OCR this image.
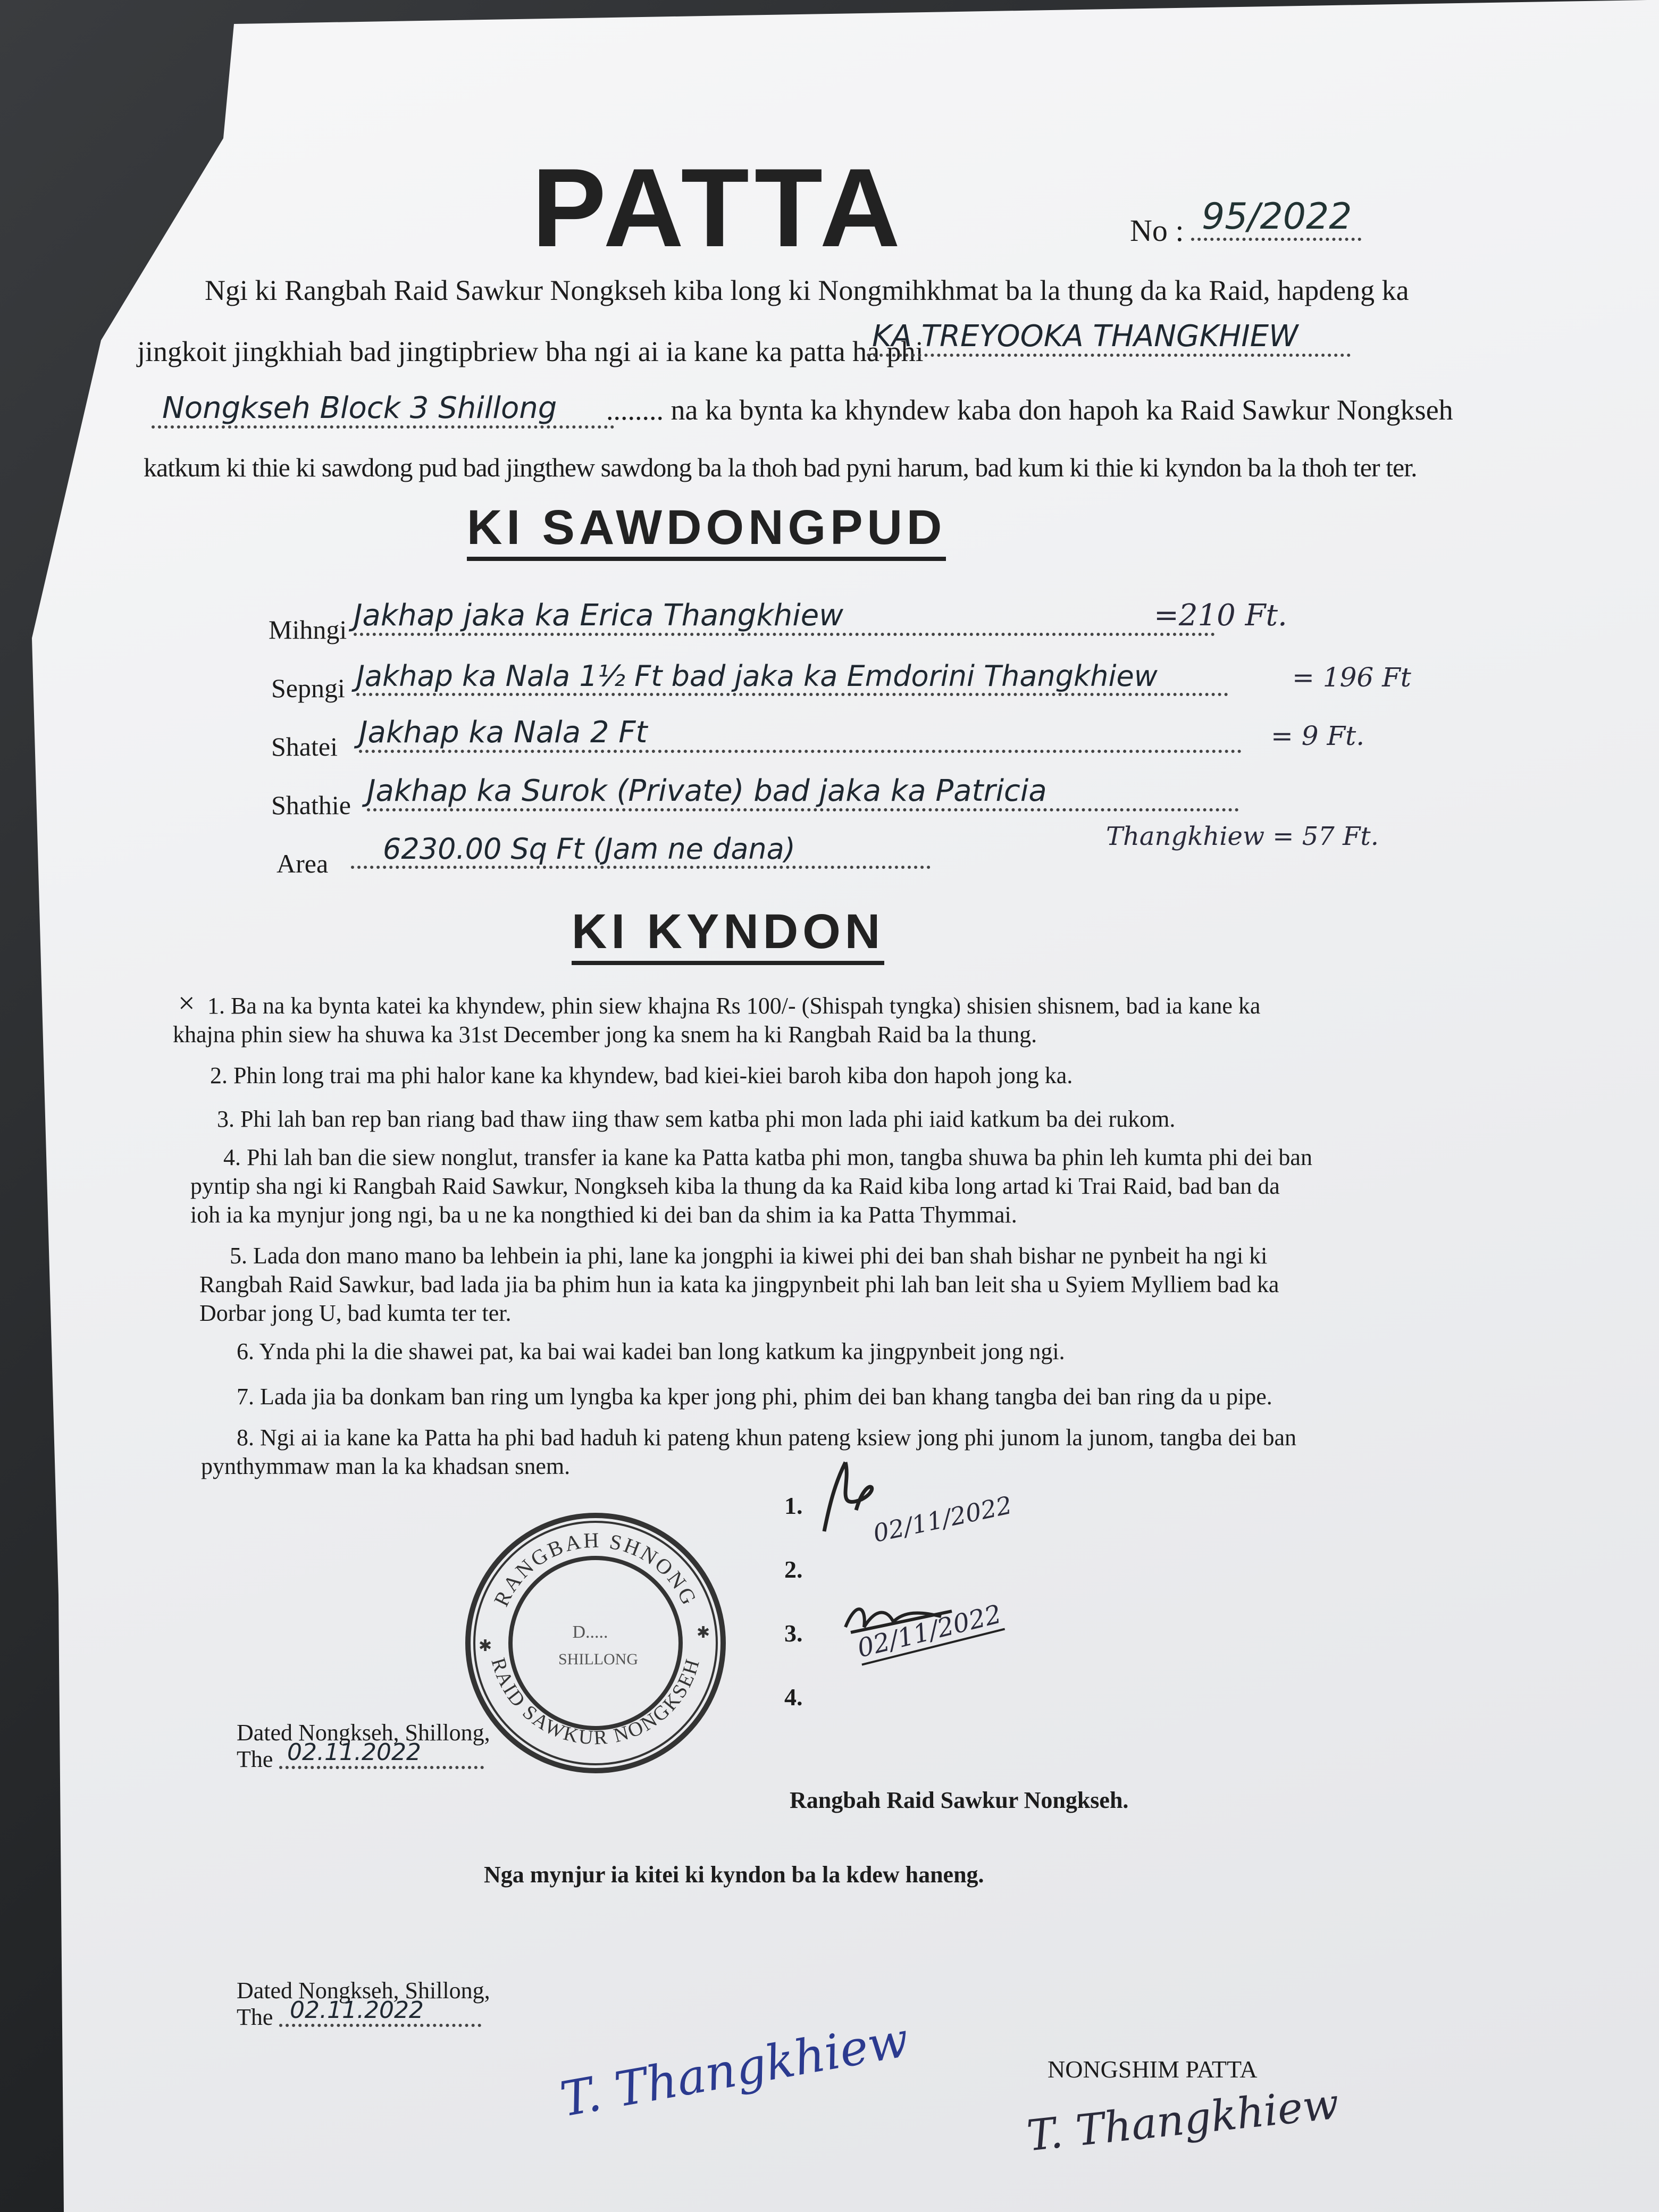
PATTA	No : 95/2022
Ngi ki Rangbah Raid Sawkur Nongkseh kiba long ki Nongmihkhmat ba la thung da ka Raid, hapdeng ka
jingkoit jingkhiah bad jingtipbriew bha ngi ai ia kane ka patta ha phi
KA TREYOOKA THANGKHIEW
Nongkseh Block 3 Shillong	........ na ka bynta ka khyndew kaba don hapoh ka Raid Sawkur Nongkseh
katkum ki thie ki sawdong pud bad jingthew sawdong ba la thoh bad pyni harum, bad kum ki thie ki kyndon ba la thoh ter ter.
KI SAWDONGPUD
Mihngi Jakhap jaka ka Erica Thangkhiew	=210 Ft.
Sepngi Jakhap ka Nala 1½ Ft bad jaka ka Emdorini Thangkhiew	= 196 Ft
Shatei Jakhap ka Nala 2 Ft	= 9 Ft.
Shathie Jakhap ka Surok (Private) bad jaka ka Patricia
Thangkhiew = 57 Ft.
Area	6230.00 Sq Ft (Jam ne dana)
KI KYNDON
× 1. Ba na ka bynta katei ka khyndew, phin siew khajna Rs 100/- (Shispah tyngka) shisien shisnem, bad ia kane ka
khajna phin siew ha shuwa ka 31st December jong ka snem ha ki Rangbah Raid ba la thung.
2. Phin long trai ma phi halor kane ka khyndew, bad kiei-kiei baroh kiba don hapoh jong ka.
3. Phi lah ban rep ban riang bad thaw iing thaw sem katba phi mon lada phi iaid katkum ba dei rukom.
4. Phi lah ban die siew nonglut, transfer ia kane ka Patta katba phi mon, tangba shuwa ba phin leh kumta phi dei ban
pyntip sha ngi ki Rangbah Raid Sawkur, Nongkseh kiba la thung da ka Raid kiba long artad ki Trai Raid, bad ban da
ioh ia ka mynjur jong ngi, ba u ne ka nongthied ki dei ban da shim ia ka Patta Thymmai.
5. Lada don mano mano ba lehbein ia phi, lane ka jongphi ia kiwei phi dei ban shah bishar ne pynbeit ha ngi ki
Rangbah Raid Sawkur, bad lada jia ba phim hun ia kata ka jingpynbeit phi lah ban leit sha u Syiem Mylliem bad ka
Dorbar jong U, bad kumta ter ter.
6. Ynda phi la die shawei pat, ka bai wai kadei ban long katkum ka jingpynbeit jong ngi.
7. Lada jia ba donkam ban ring um lyngba ka kper jong phi, phim dei ban khang tangba dei ban ring da u pipe.
8. Ngi ai ia kane ka Patta ha phi bad haduh ki pateng khun pateng ksiew jong phi junom la junom, tangba dei ban
pynthymmaw man la ka khadsan snem.
1.
2.
3.
4.
02/11/2022
02/11/2022
RANGBAH SHNONG
RAID SAWKUR NONGKSEH
D.....
SHILLONG
✱
✱
Dated Nongkseh, Shillong,
The 02.11.2022
Rangbah Raid Sawkur Nongkseh.
Nga mynjur ia kitei ki kyndon ba la kdew haneng.
Dated Nongkseh, Shillong,
The 02.11.2022
T. Thangkhiew	NONGSHIM PATTA
T. Thangkhiew
